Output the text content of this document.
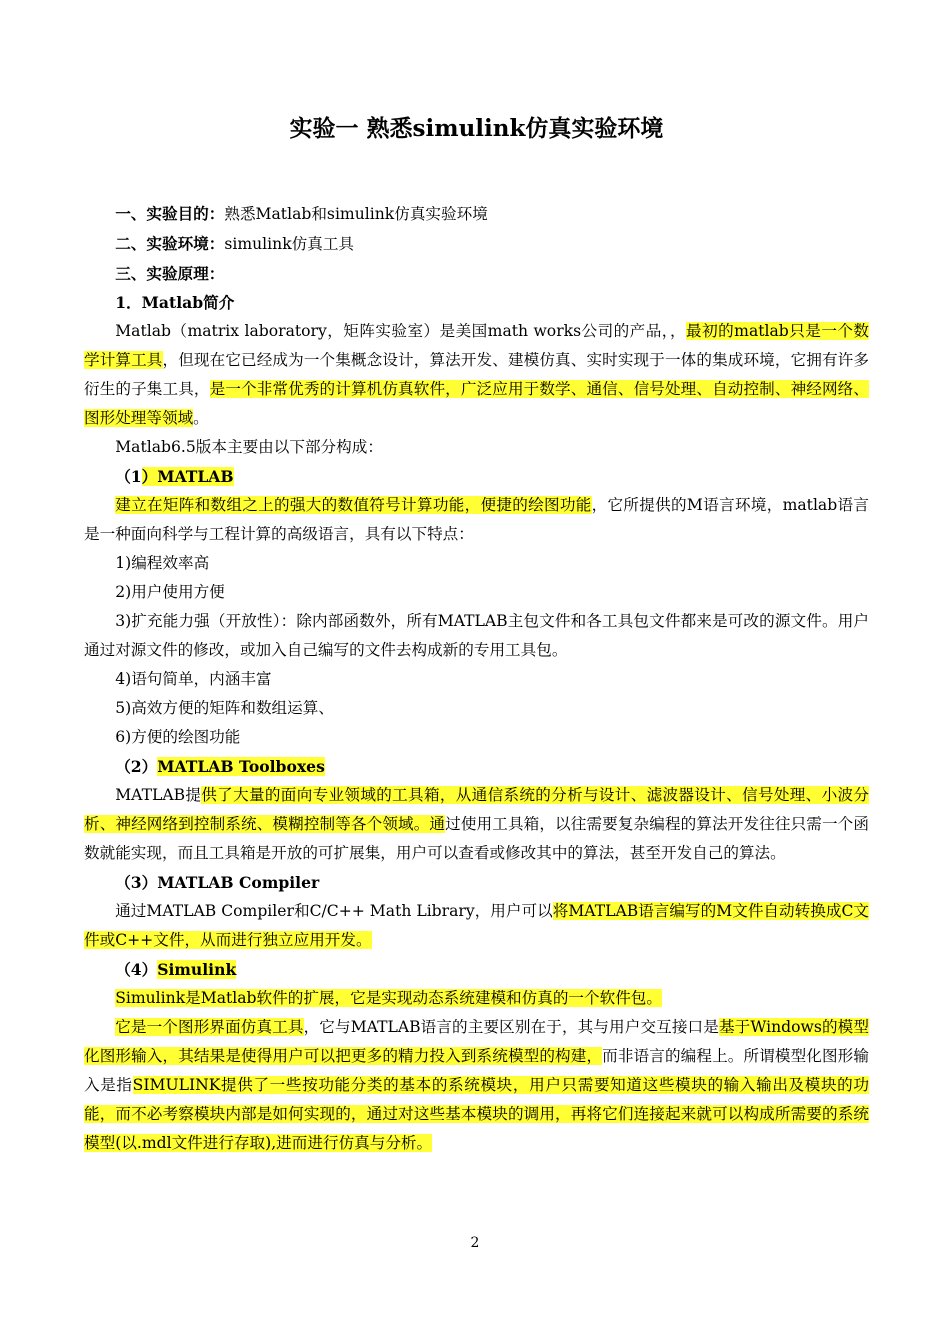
实验一 熟悉simulink仿真实验环境

一、实验目的：熟悉Matlab和simulink仿真实验环境

二、实验环境：simulink仿真工具

三、实验原理：

1．Matlab简介

Matlab（matrix laboratory，矩阵实验室）是美国math works公司的产品，，最初的matlab只是一个数学计算工具，但现在它已经成为一个集概念设计，算法开发、建模仿真、实时实现于一体的集成环境，它拥有许多衍生的子集工具，是一个非常优秀的计算机仿真软件，广泛应用于数学、通信、信号处理、自动控制、神经网络、图形处理等领域。

Matlab6.5版本主要由以下部分构成：

（1）MATLAB

建立在矩阵和数组之上的强大的数值符号计算功能，便捷的绘图功能，它所提供的M语言环境，matlab语言是一种面向科学与工程计算的高级语言，具有以下特点：

1)编程效率高

2)用户使用方便

3)扩充能力强（开放性）：除内部函数外，所有MATLAB主包文件和各工具包文件都来是可改的源文件。用户通过对源文件的修改，或加入自己编写的文件去构成新的专用工具包。

4)语句简单，内涵丰富

5)高效方便的矩阵和数组运算、

6)方便的绘图功能

（2）MATLAB Toolboxes

MATLAB提供了大量的面向专业领域的工具箱，从通信系统的分析与设计、滤波器设计、信号处理、小波分析、神经网络到控制系统、模糊控制等各个领域。通过使用工具箱，以往需要复杂编程的算法开发往往只需一个函数就能实现，而且工具箱是开放的可扩展集，用户可以查看或修改其中的算法，甚至开发自己的算法。

（3）MATLAB Compiler

通过MATLAB Compiler和C/C++ Math Library，用户可以将MATLAB语言编写的M文件自动转换成C文件或C++文件，从而进行独立应用开发。

（4）Simulink

Simulink是Matlab软件的扩展，它是实现动态系统建模和仿真的一个软件包。

它是一个图形界面仿真工具，它与MATLAB语言的主要区别在于，其与用户交互接口是基于Windows的模型化图形输入，其结果是使得用户可以把更多的精力投入到系统模型的构建，而非语言的编程上。所谓模型化图形输入是指SIMULINK提供了一些按功能分类的基本的系统模块，用户只需要知道这些模块的输入输出及模块的功能，而不必考察模块内部是如何实现的，通过对这些基本模块的调用，再将它们连接起来就可以构成所需要的系统模型(以.mdl文件进行存取),进而进行仿真与分析。

2
